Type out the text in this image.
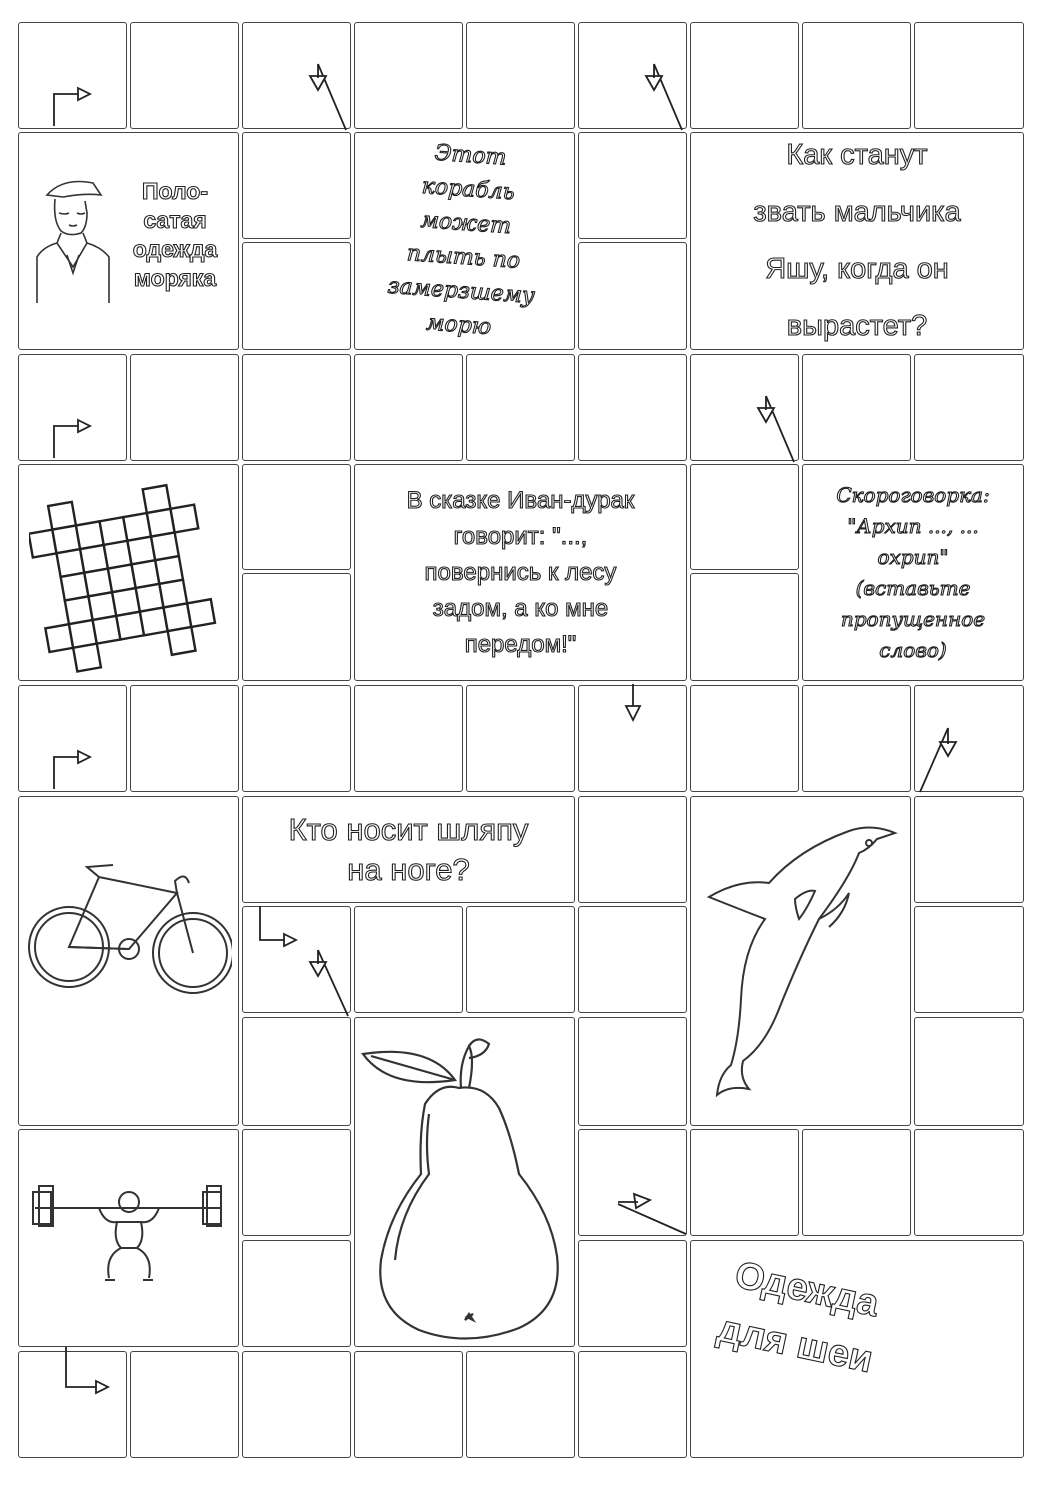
Поло-
сатая
одежда
моряка
Этот
корабль
может
плыть по
замерзшему
морю
Как станут
звать мальчика
Яшу, когда он
вырастет?
В сказке Иван-дурак
говорит: "...,
повернись к лесу
задом, а ко мне
передом!"
Скороговорка:
"Архип ..., ...
охрип"
(вставьте
пропущенное
слово)
Кто носит шляпу
на ноге?
Одежда
для шеи
